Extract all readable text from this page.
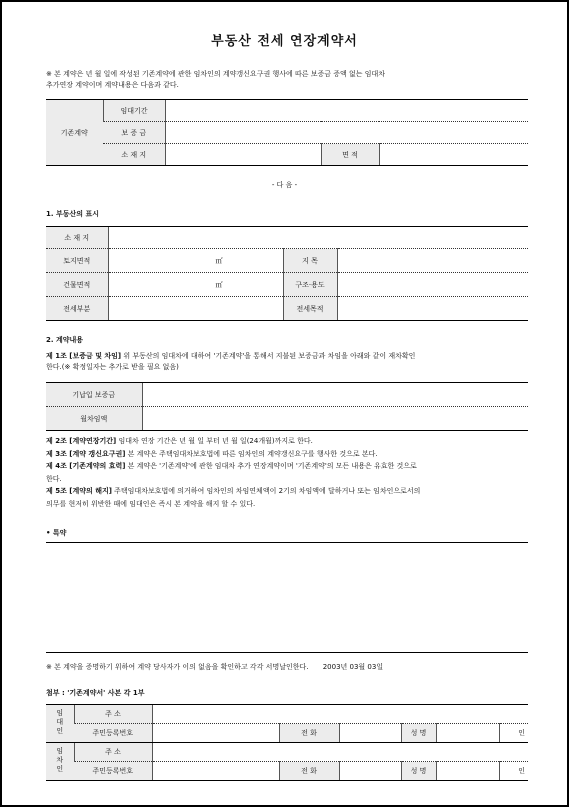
부동산 전세 연장계약서
※ 본 계약은 년 월 일에 작성된 기존계약에 관한 임차인의 계약갱신요구권 행사에 따른 보증금 증액 없는 임대차
추가연장 계약이며 계약내용은 다음과 같다.
기존계약	임대기간			
	보 증 금			
	소 재 지		면 적	
- 다 음 -
1. 부동산의 표시
소 재 지			
토지면적	㎡	지 목	
건물면적	㎡	구조·용도	
전세부분		전세목적	
2. 계약내용
제 1조 [보증금 및 차임] 위 부동산의 임대차에 대하여 '기존계약'을 통해서 지불된 보증금과 차임을 아래와 같이 재차확인
한다.(※ 확정일자는 추가로 받을 필요 없음)
기납입 보증금	
월차임액	
제 2조 [계약연장기간] 임대차 연장 기간은 년 월 일 부터 년 월 일(24개월)까지로 한다.
제 3조 [계약 갱신요구권] 본 계약은 주택임대차보호법에 따른 임차인의 계약갱신요구를 행사한 것으로 본다.
제 4조 [기존계약의 효력] 본 계약은 '기존계약'에 관한 임대차 추가 연장계약이며 '기존계약'의 모든 내용은 유효한 것으로
한다.
제 5조 [계약의 해지] 주택임대차보호법에 의거하여 임차인의 차임연체액이 2기의 차임액에 달하거나 또는 임차인으로서의
의무를 현저히 위반한 때에 임대인은 즉시 본 계약을 해지 할 수 있다.
• 특약
※ 본 계약을 증명하기 위하여 계약 당사자가 이의 없음을 확인하고 각각 서명날인한다. 2003년 03월 03일
첨부 : '기존계약서' 사본 각 1부
임대인	주 소						
	주민등록번호		전 화		성 명		인
임차인	주 소						
	주민등록번호		전 화		성 명		인
